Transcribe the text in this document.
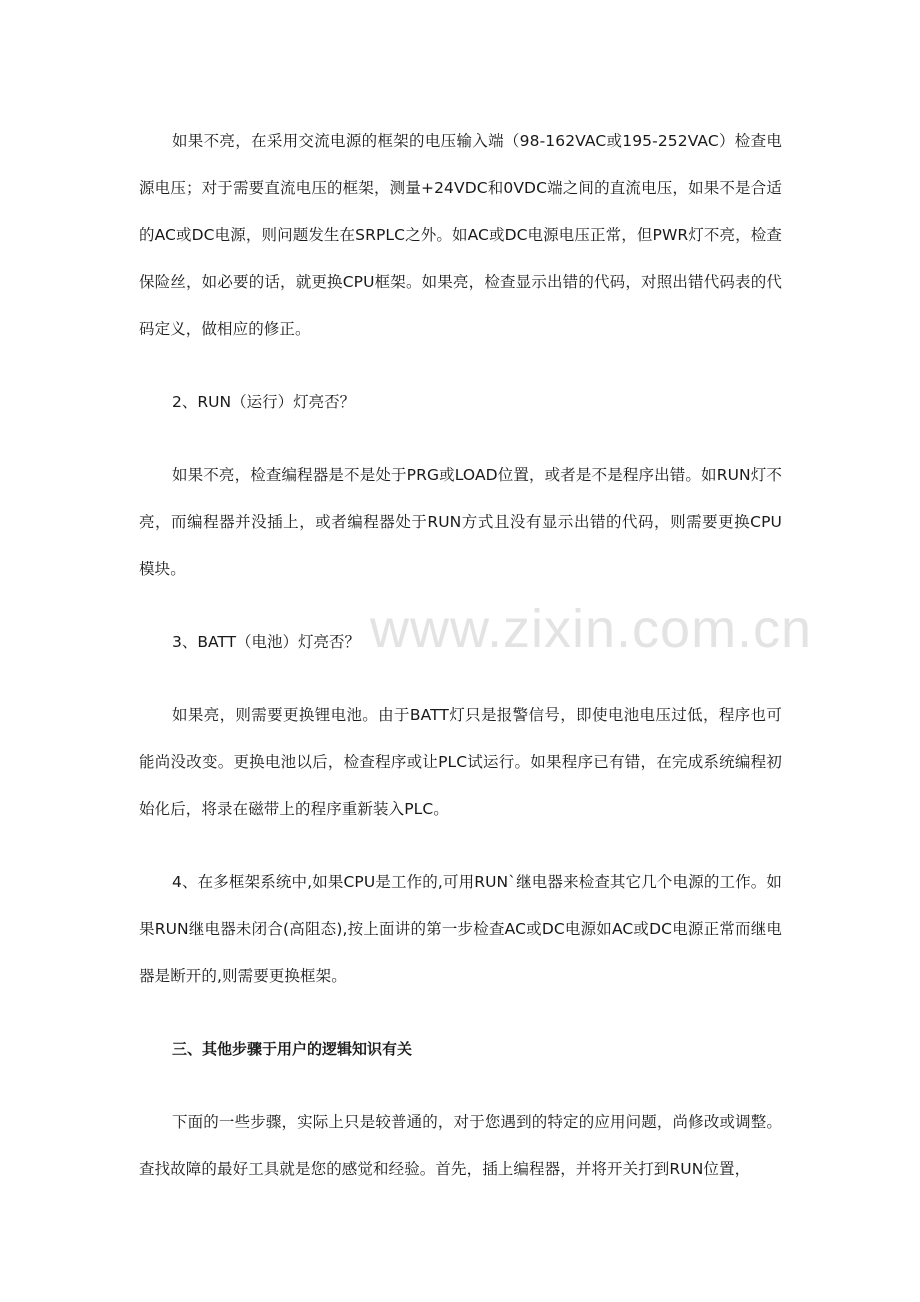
如果不亮，在采用交流电源的框架的电压输入端（98-162VAC或195-252VAC）检查电源电压；对于需要直流电压的框架，测量+24VDC和0VDC端之间的直流电压，如果不是合适的AC或DC电源，则问题发生在SRPLC之外。如AC或DC电源电压正常，但PWR灯不亮，检查保险丝，如必要的话，就更换CPU框架。如果亮，检查显示出错的代码，对照出错代码表的代码定义，做相应的修正。

2、RUN（运行）灯亮否？

如果不亮，检查编程器是不是处于PRG或LOAD位置，或者是不是程序出错。如RUN灯不亮，而编程器并没插上，或者编程器处于RUN方式且没有显示出错的代码，则需要更换CPU模块。

3、BATT（电池）灯亮否？

如果亮，则需要更换锂电池。由于BATT灯只是报警信号，即使电池电压过低，程序也可能尚没改变。更换电池以后，检查程序或让PLC试运行。如果程序已有错，在完成系统编程初始化后，将录在磁带上的程序重新装入PLC。

4、在多框架系统中,如果CPU是工作的,可用RUN`继电器来检查其它几个电源的工作。如果RUN继电器未闭合(高阻态),按上面讲的第一步检查AC或DC电源如AC或DC电源正常而继电器是断开的,则需要更换框架。

三、其他步骤于用户的逻辑知识有关

下面的一些步骤，实际上只是较普通的，对于您遇到的特定的应用问题，尚修改或调整。查找故障的最好工具就是您的感觉和经验。首先，插上编程器，并将开关打到RUN位置，

www.zixin.com.cn
